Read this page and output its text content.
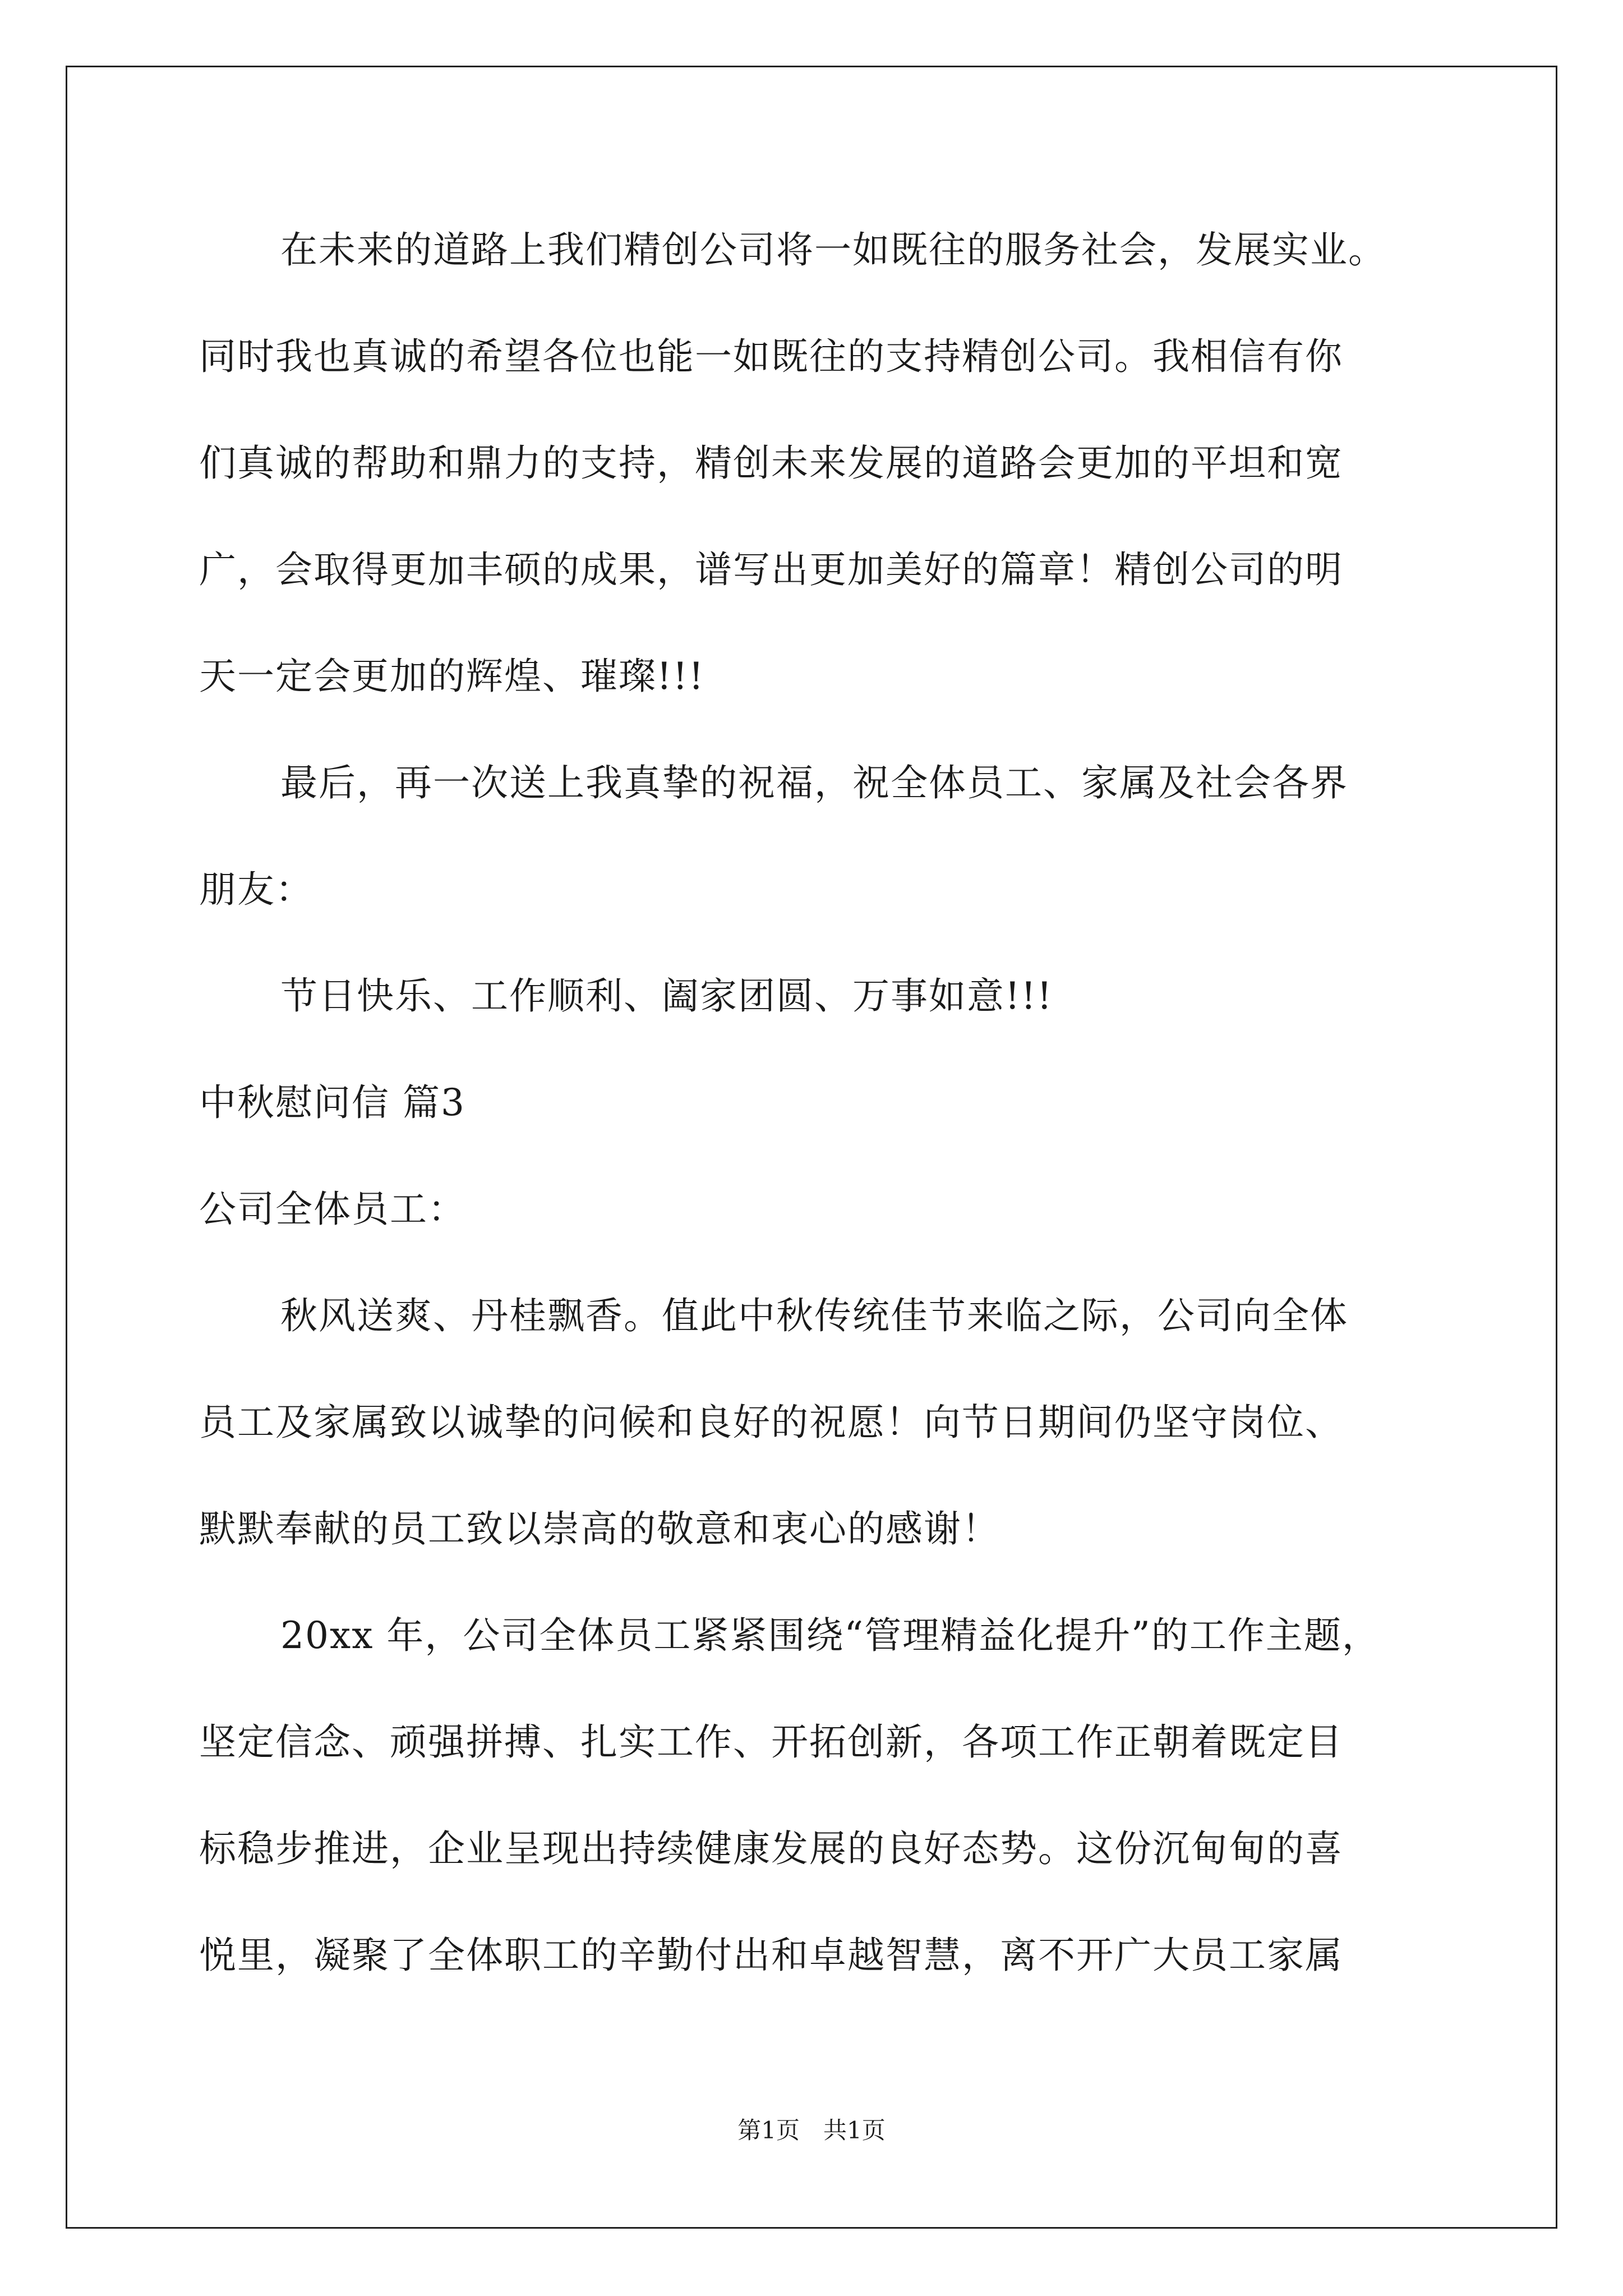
在未来的道路上我们精创公司将一如既往的服务社会，发展实业。
同时我也真诚的希望各位也能一如既往的支持精创公司。我相信有你
们真诚的帮助和鼎力的支持，精创未来发展的道路会更加的平坦和宽
广，会取得更加丰硕的成果，谱写出更加美好的篇章！精创公司的明
天一定会更加的辉煌、璀璨!!!
最后，再一次送上我真挚的祝福，祝全体员工、家属及社会各界
朋友：
节日快乐、工作顺利、阖家团圆、万事如意!!!
中秋慰问信 篇3
公司全体员工：
秋风送爽、丹桂飘香。值此中秋传统佳节来临之际，公司向全体
员工及家属致以诚挚的问候和良好的祝愿！向节日期间仍坚守岗位、
默默奉献的员工致以崇高的敬意和衷心的感谢！
20xx 年，公司全体员工紧紧围绕“管理精益化提升”的工作主题，
坚定信念、顽强拼搏、扎实工作、开拓创新，各项工作正朝着既定目
标稳步推进，企业呈现出持续健康发展的良好态势。这份沉甸甸的喜
悦里，凝聚了全体职工的辛勤付出和卓越智慧，离不开广大员工家属
第1页　共1页
